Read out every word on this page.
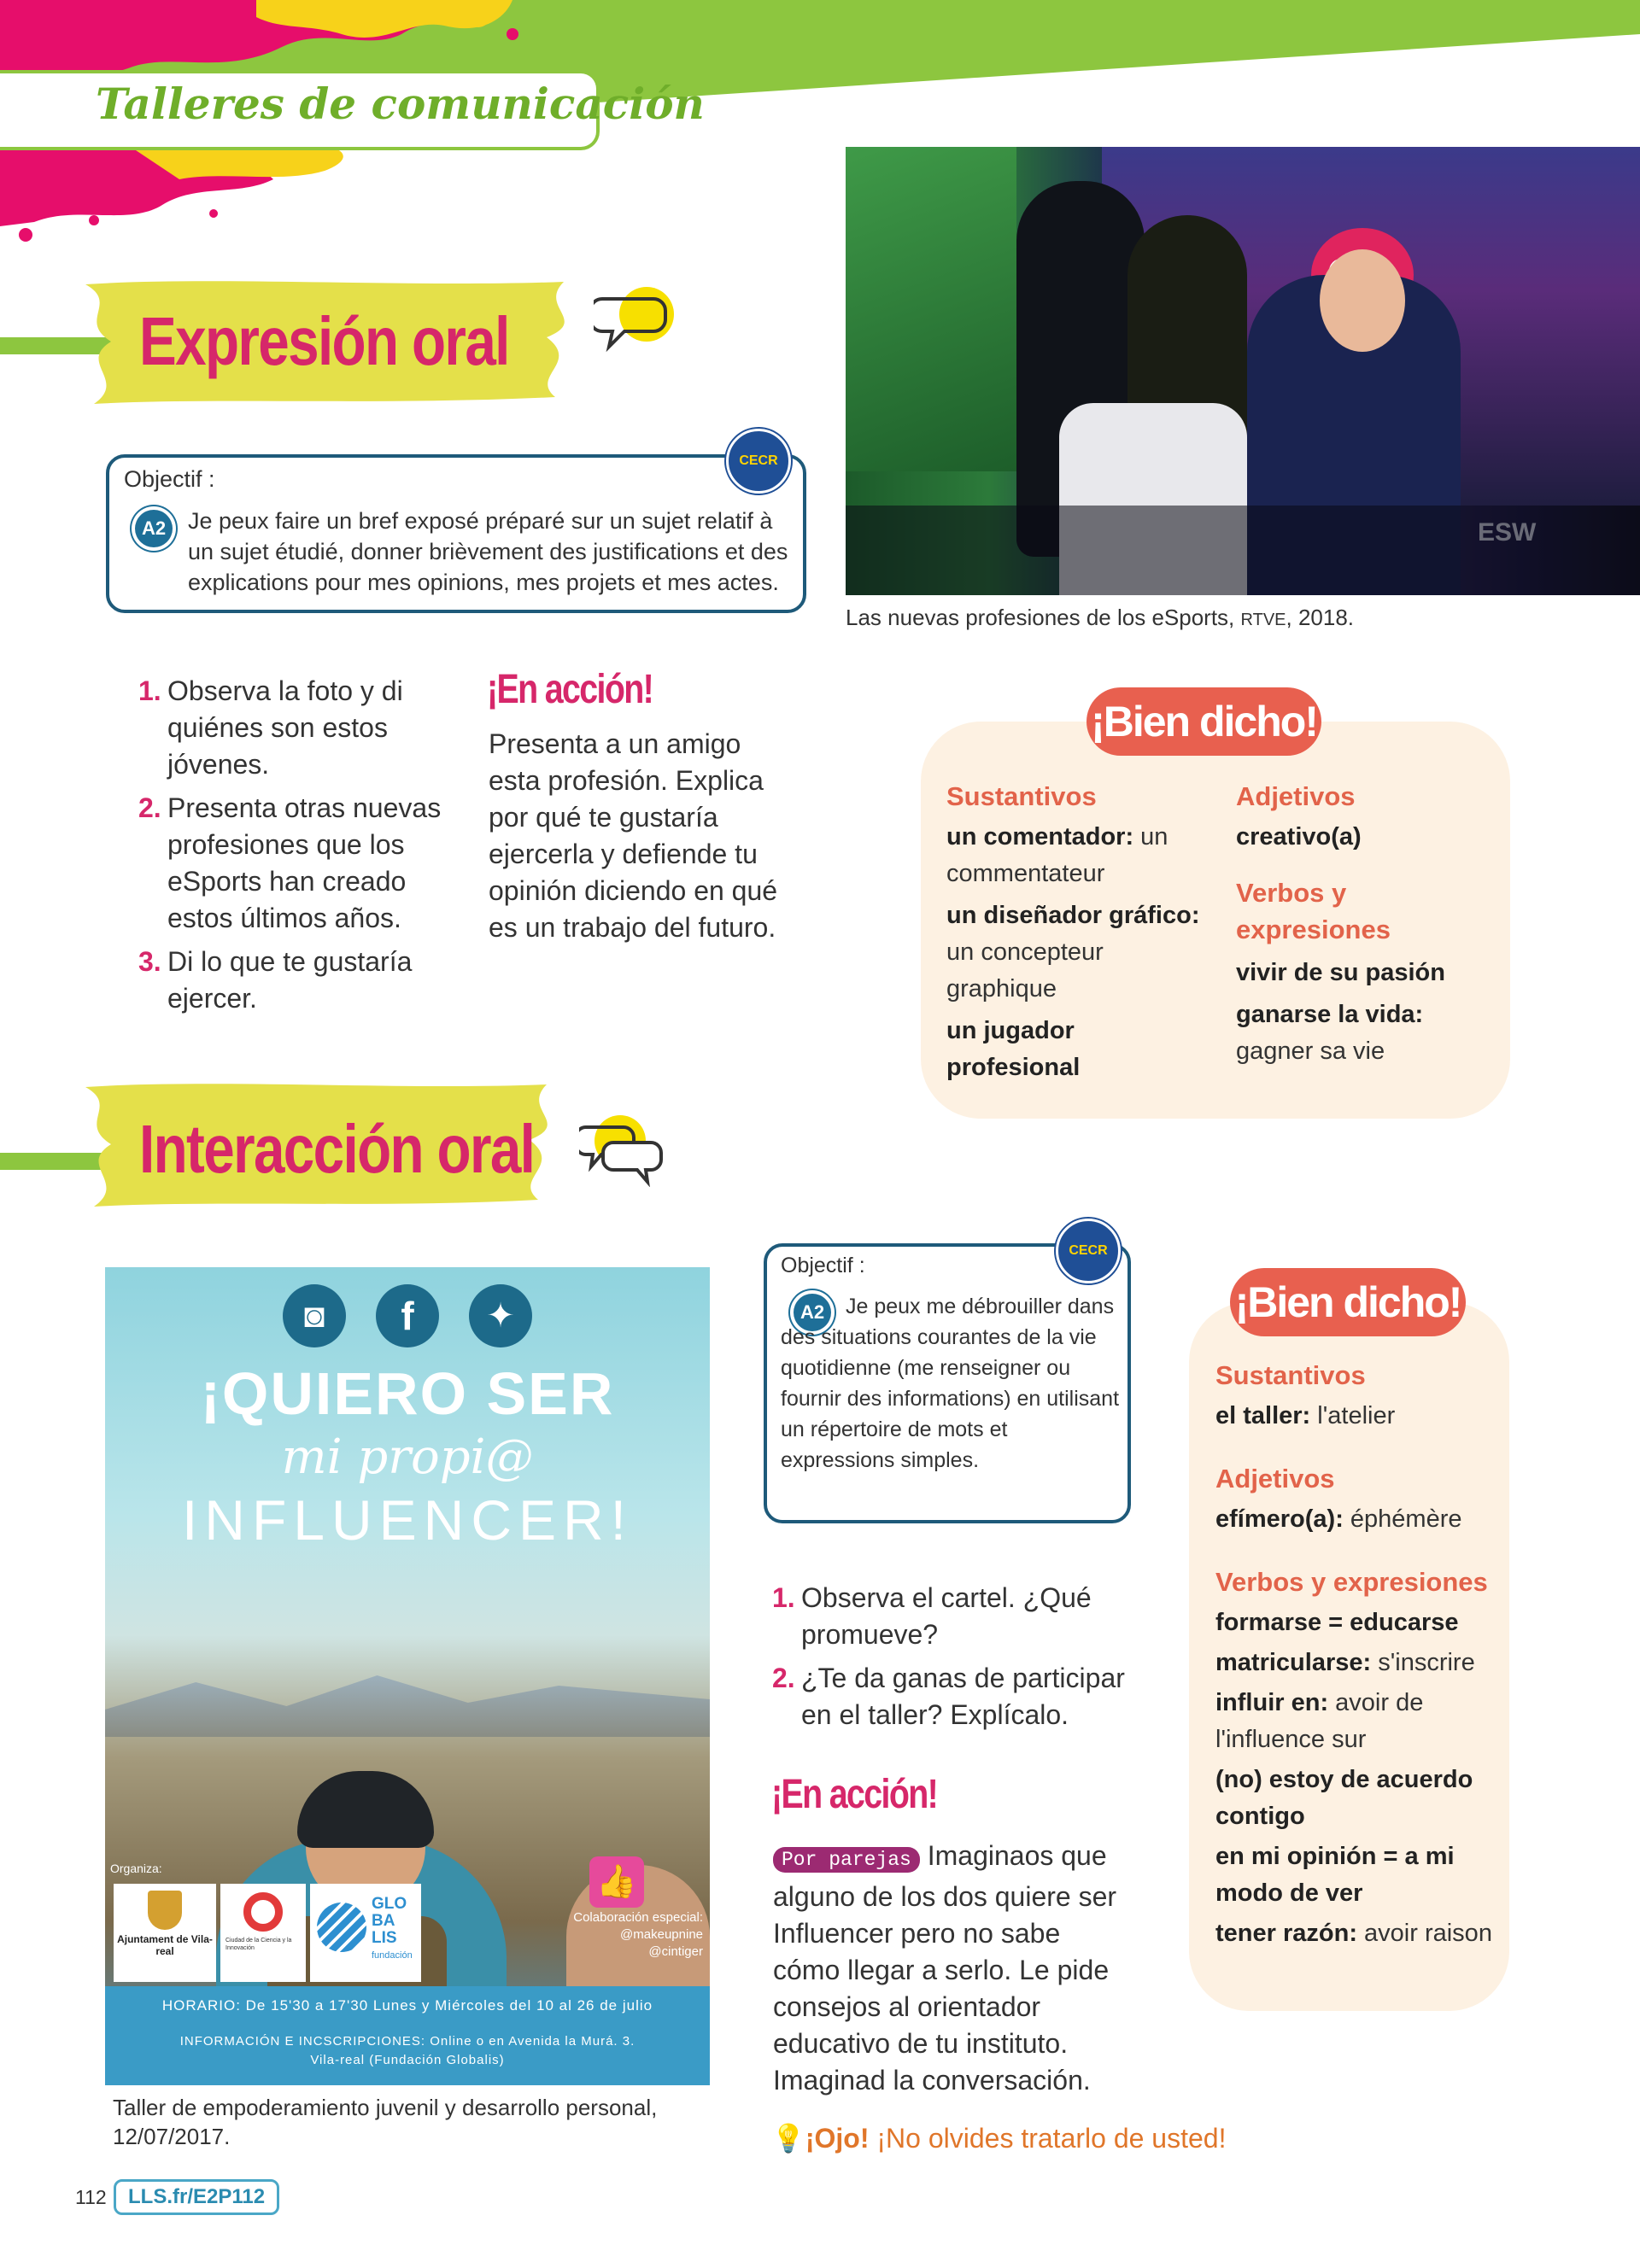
Talleres de comunicación
Expresión oral
Objectif :
A2 Je peux faire un bref exposé préparé sur un sujet relatif à un sujet étudié, donner brièvement des justifications et des explications pour mes opinions, mes projets et mes actes.
CECR
Las nuevas profesiones de los eSports, RTVE, 2018.
1. Observa la foto y di quiénes son estos jóvenes.
2. Presenta otras nuevas profesiones que los eSports han creado estos últimos años.
3. Di lo que te gustaría ejercer.
¡En acción!
Presenta a un amigo esta profesión. Explica por qué te gustaría ejercerla y defiende tu opinión diciendo en qué es un trabajo del futuro.
¡Bien dicho!
Sustantivos
un comentador: un commentateur
un diseñador gráfico: un concepteur graphique
un jugador profesional
Adjetivos
creativo(a)
Verbos y expresiones
vivir de su pasión
ganarse la vida: gagner sa vie
Interacción oral
◙	f	✦
¡QUIERO SER
mi propi@
INFLUENCER!
Organiza:	👍
Colaboración especial:
@makeupnine
@cintiger
Ajuntament de Vila-real
Ciudad de la Ciencia y la Innovación
GLO
BA
LIS
fundación
HORARIO: De 15'30 a 17'30 Lunes y Miércoles del 10 al 26 de julio
INFORMACIÓN E INCSCRIPCIONES: Online o en Avenida la Murá. 3.
Vila-real (Fundación Globalis)
Taller de empoderamiento juvenil y desarrollo personal, 12/07/2017.
Objectif :
A2
CECR
Je peux me débrouiller dans des situations courantes de la vie quotidienne (me renseigner ou fournir des informations) en utilisant un répertoire de mots et expressions simples.
1. Observa el cartel. ¿Qué promueve?
2. ¿Te da ganas de participar en el taller? Explícalo.
¡En acción!
Por parejas Imaginaos que alguno de los dos quiere ser Influencer pero no sabe cómo llegar a serlo. Le pide consejos al orientador educativo de tu instituto. Imaginad la conversación.
💡¡Ojo! ¡No olvides tratarlo de usted!
¡Bien dicho!
Sustantivos
el taller: l'atelier
Adjetivos
efímero(a): éphémère
Verbos y expresiones
formarse = educarse
matricularse: s'inscrire
influir en: avoir de l'influence sur
(no) estoy de acuerdo contigo
en mi opinión = a mi modo de ver
tener razón: avoir raison
112	LLS.fr/E2P112
